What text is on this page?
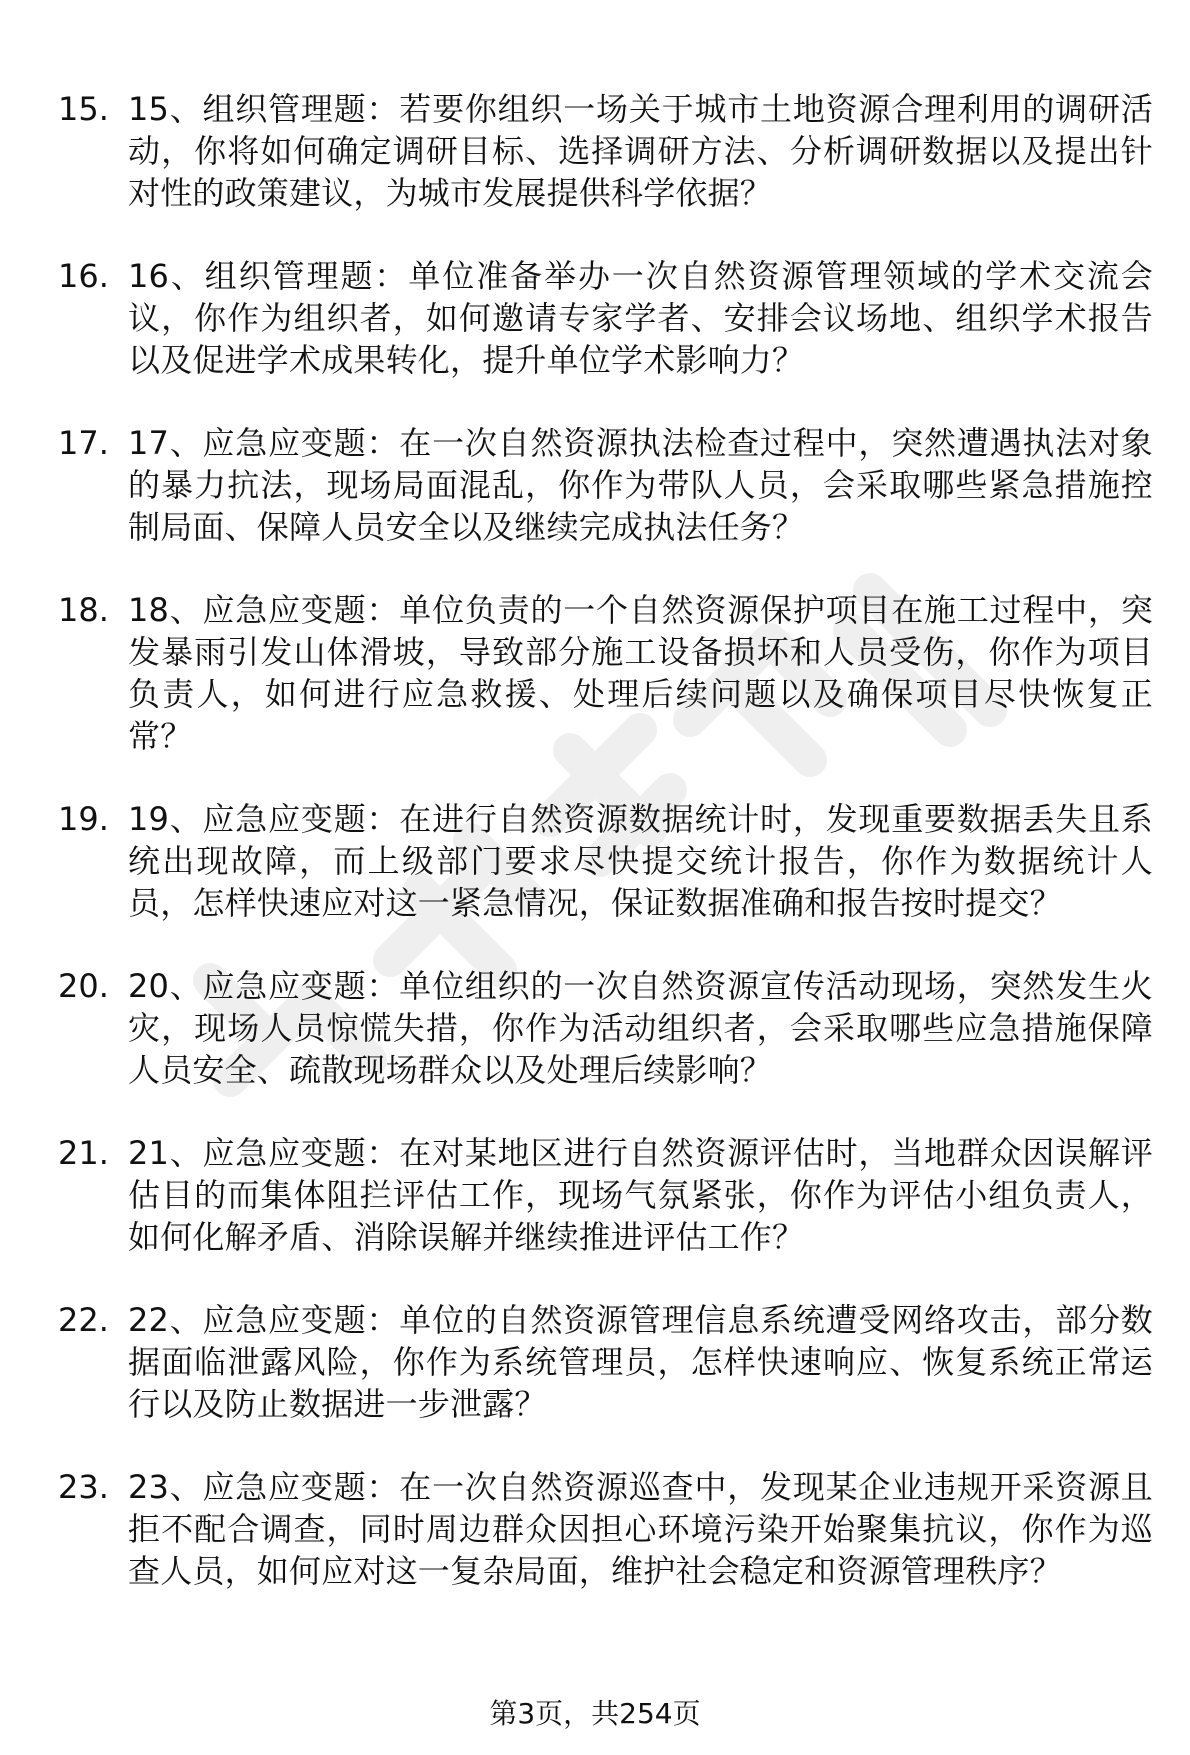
15. 15、组织管理题：若要你组织一场关于城市土地资源合理利用的调研活动，你将如何确定调研目标、选择调研方法、分析调研数据以及提出针对性的政策建议，为城市发展提供科学依据？
16. 16、组织管理题：单位准备举办一次自然资源管理领域的学术交流会议，你作为组织者，如何邀请专家学者、安排会议场地、组织学术报告以及促进学术成果转化，提升单位学术影响力？
17. 17、应急应变题：在一次自然资源执法检查过程中，突然遭遇执法对象的暴力抗法，现场局面混乱，你作为带队人员，会采取哪些紧急措施控制局面、保障人员安全以及继续完成执法任务？
18. 18、应急应变题：单位负责的一个自然资源保护项目在施工过程中，突发暴雨引发山体滑坡，导致部分施工设备损坏和人员受伤，你作为项目负责人，如何进行应急救援、处理后续问题以及确保项目尽快恢复正常？
19. 19、应急应变题：在进行自然资源数据统计时，发现重要数据丢失且系统出现故障，而上级部门要求尽快提交统计报告，你作为数据统计人员，怎样快速应对这一紧急情况，保证数据准确和报告按时提交？
20. 20、应急应变题：单位组织的一次自然资源宣传活动现场，突然发生火灾，现场人员惊慌失措，你作为活动组织者，会采取哪些应急措施保障人员安全、疏散现场群众以及处理后续影响？
21. 21、应急应变题：在对某地区进行自然资源评估时，当地群众因误解评估目的而集体阻拦评估工作，现场气氛紧张，你作为评估小组负责人，如何化解矛盾、消除误解并继续推进评估工作？
22. 22、应急应变题：单位的自然资源管理信息系统遭受网络攻击，部分数据面临泄露风险，你作为系统管理员，怎样快速响应、恢复系统正常运行以及防止数据进一步泄露？
23. 23、应急应变题：在一次自然资源巡查中，发现某企业违规开采资源且拒不配合调查，同时周边群众因担心环境污染开始聚集抗议，你作为巡查人员，如何应对这一复杂局面，维护社会稳定和资源管理秩序？
第3页，共254页
